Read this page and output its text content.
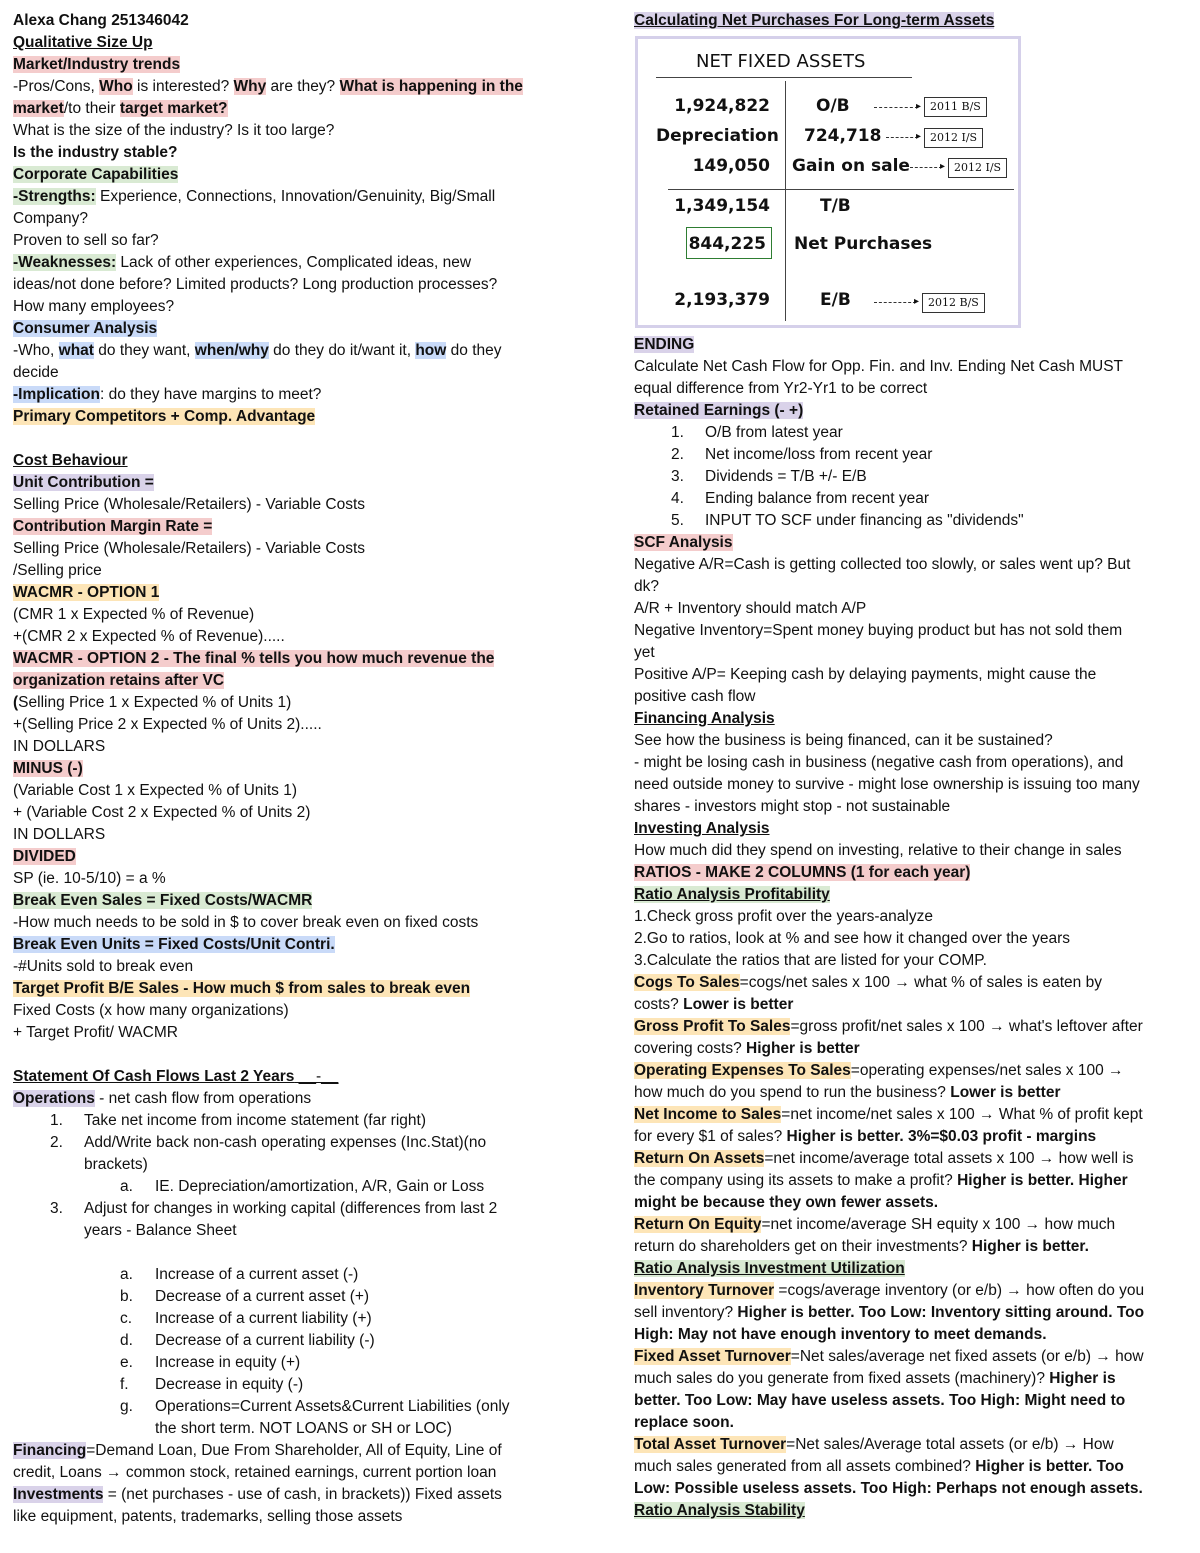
Alexa Chang 251346042
Qualitative Size Up
Market/Industry trends
-Pros/Cons, Who is interested? Why are they? What is happening in the
market/to their target market?
What is the size of the industry? Is it too large?
Is the industry stable?
Corporate Capabilities
-Strengths: Experience, Connections, Innovation/Genuinity, Big/Small
Company?
Proven to sell so far?
-Weaknesses: Lack of other experiences, Complicated ideas, new
ideas/not done before? Limited products? Long production processes?
How many employees?
Consumer Analysis
-Who, what do they want, when/why do they do it/want it, how do they
decide
-Implication: do they have margins to meet?
Primary Competitors + Comp. Advantage
Cost Behaviour
Unit Contribution =
Selling Price (Wholesale/Retailers) - Variable Costs
Contribution Margin Rate =
Selling Price (Wholesale/Retailers) - Variable Costs
/Selling price
WACMR - OPTION 1
(CMR 1 x Expected % of Revenue)
+(CMR 2 x Expected % of Revenue).....
WACMR - OPTION 2 - The final % tells you how much revenue the
organization retains after VC
(Selling Price 1 x Expected % of Units 1)
+(Selling Price 2 x Expected % of Units 2).....
IN DOLLARS
MINUS (-)
(Variable Cost 1 x Expected % of Units 1)
+ (Variable Cost 2 x Expected % of Units 2)
IN DOLLARS
DIVIDED
SP (ie. 10-5/10) = a %
Break Even Sales = Fixed Costs/WACMR
-How much needs to be sold in $ to cover break even on fixed costs
Break Even Units = Fixed Costs/Unit Contri.
-#Units sold to break even
Target Profit B/E Sales - How much $ from sales to break even
Fixed Costs (x how many organizations)
+ Target Profit/ WACMR
Statement Of Cash Flows Last 2 Years __-__
Operations - net cash flow from operations
1. Take net income from income statement (far right)
2. Add/Write back non-cash operating expenses (Inc.Stat)(no
brackets)
a. IE. Depreciation/amortization, A/R, Gain or Loss
3. Adjust for changes in working capital (differences from last 2
years - Balance Sheet
a. Increase of a current asset (-)
b. Decrease of a current asset (+)
c. Increase of a current liability (+)
d. Decrease of a current liability (-)
e. Increase in equity (+)
f. Decrease in equity (-)
g. Operations=Current Assets&Current Liabilities (only
the short term. NOT LOANS or SH or LOC)
Financing=Demand Loan, Due From Shareholder, All of Equity, Line of
credit, Loans → common stock, retained earnings, current portion loan
Investments = (net purchases - use of cash, in brackets)) Fixed assets
like equipment, patents, trademarks, selling those assets
Calculating Net Purchases For Long-term Assets
NET FIXED ASSETS
1,924,822	O/B	▸ 2011 B/S
Depreciation 724,718	▸ 2012 I/S
149,050 Gain on sale	▸ 2012 I/S
1,349,154	T/B
844,225 Net Purchases
2,193,379	E/B	▸ 2012 B/S
ENDING
Calculate Net Cash Flow for Opp. Fin. and Inv. Ending Net Cash MUST
equal difference from Yr2-Yr1 to be correct
Retained Earnings (- +)
1. O/B from latest year
2. Net income/loss from recent year
3. Dividends = T/B +/- E/B
4. Ending balance from recent year
5. INPUT TO SCF under financing as "dividends"
SCF Analysis
Negative A/R=Cash is getting collected too slowly, or sales went up? But
dk?
A/R + Inventory should match A/P
Negative Inventory=Spent money buying product but has not sold them
yet
Positive A/P= Keeping cash by delaying payments, might cause the
positive cash flow
Financing Analysis
See how the business is being financed, can it be sustained?
- might be losing cash in business (negative cash from operations), and
need outside money to survive - might lose ownership is issuing too many
shares - investors might stop - not sustainable
Investing Analysis
How much did they spend on investing, relative to their change in sales
RATIOS - MAKE 2 COLUMNS (1 for each year)
Ratio Analysis Profitability
1.Check gross profit over the years-analyze
2.Go to ratios, look at % and see how it changed over the years
3.Calculate the ratios that are listed for your COMP.
Cogs To Sales=cogs/net sales x 100 → what % of sales is eaten by
costs? Lower is better
Gross Profit To Sales=gross profit/net sales x 100 → what's leftover after
covering costs? Higher is better
Operating Expenses To Sales=operating expenses/net sales x 100 →
how much do you spend to run the business? Lower is better
Net Income to Sales=net income/net sales x 100 → What % of profit kept
for every $1 of sales? Higher is better. 3%=$0.03 profit - margins
Return On Assets=net income/average total assets x 100 → how well is
the company using its assets to make a profit? Higher is better. Higher
might be because they own fewer assets.
Return On Equity=net income/average SH equity x 100 → how much
return do shareholders get on their investments? Higher is better.
Ratio Analysis Investment Utilization
Inventory Turnover =cogs/average inventory (or e/b) → how often do you
sell inventory? Higher is better. Too Low: Inventory sitting around. Too
High: May not have enough inventory to meet demands.
Fixed Asset Turnover=Net sales/average net fixed assets (or e/b) → how
much sales do you generate from fixed assets (machinery)? Higher is
better. Too Low: May have useless assets. Too High: Might need to
replace soon.
Total Asset Turnover=Net sales/Average total assets (or e/b) → How
much sales generated from all assets combined? Higher is better. Too
Low: Possible useless assets. Too High: Perhaps not enough assets.
Ratio Analysis Stability
